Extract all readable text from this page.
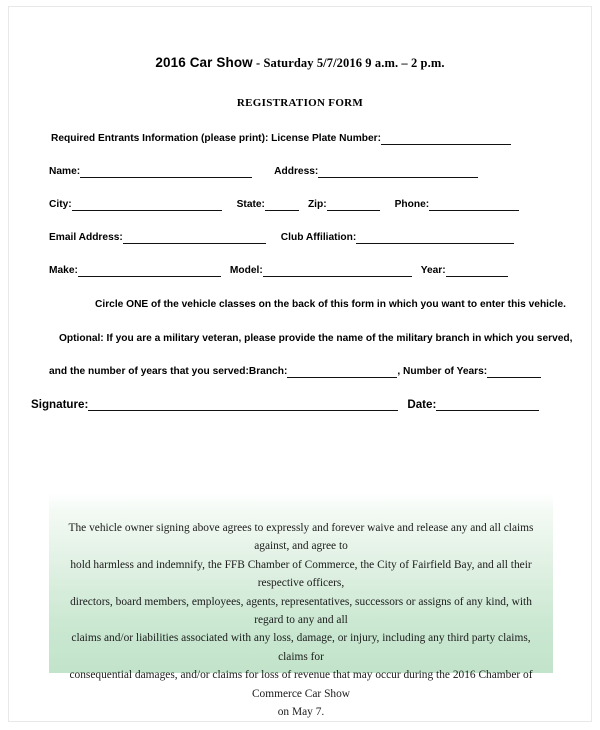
2016 Car Show - Saturday 5/7/2016 9 a.m. – 2 p.m.
REGISTRATION FORM
Required Entrants Information (please print): License Plate Number:
Name:	Address:
City:	State:	Zip:	Phone:
Email Address:	Club Affiliation:
Make:	Model:	Year:
Circle ONE of the vehicle classes on the back of this form in which you want to enter this vehicle.
Optional: If you are a military veteran, please provide the name of the military branch in which you served,
and the number of years that you served: Branch:	, Number of Years:
Signature:	Date:

The vehicle owner signing above agrees to expressly and forever waive and release any and all claims against, and agree to

hold harmless and indemnify, the FFB Chamber of Commerce, the City of Fairfield Bay, and all their respective officers,

directors, board members, employees, agents, representatives, successors or assigns of any kind, with regard to any and all

claims and/or liabilities associated with any loss, damage, or injury, including any third party claims, claims for

consequential damages, and/or claims for loss of revenue that may occur during the 2016 Chamber of Commerce Car Show

on May 7.
